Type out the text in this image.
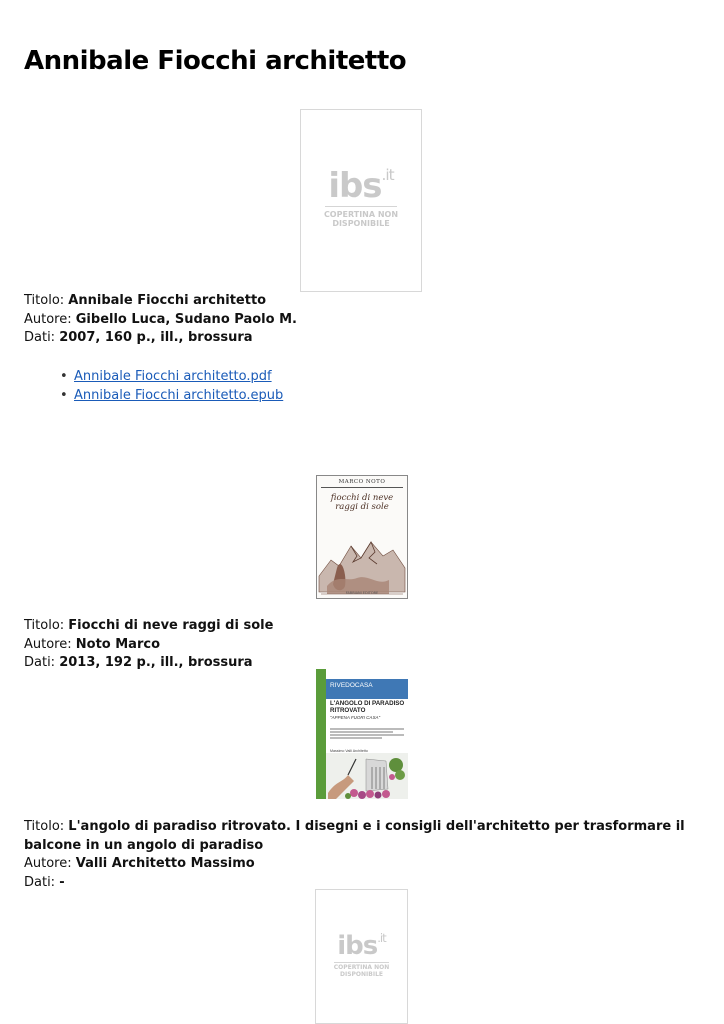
Annibale Fiocchi architetto
ibs$^{.it}$
COPERTINA NON
DISPONIBILE
Titolo: Annibale Fiocchi architetto
Autore: Gibello Luca, Sudano Paolo M.
Dati: 2007, 160 p., ill., brossura
• Annibale Fiocchi architetto.pdf
• Annibale Fiocchi architetto.epub
MARCO NOTO
fiocchi di neve
raggi di sole
FABBIANI EDITORE
Titolo: Fiocchi di neve raggi di sole
Autore: Noto Marco
Dati: 2013, 192 p., ill., brossura
RIVEDOCASA
L'ANGOLO DI PARADISO
RITROVATO
"APPENA FUORI CASA"
Massimo Valli Architetto
Titolo: L'angolo di paradiso ritrovato. I disegni e i consigli dell'architetto per trasformare il balcone in un angolo di paradiso
Autore: Valli Architetto Massimo
Dati: -
ibs$^{.it}$
COPERTINA NON
DISPONIBILE
